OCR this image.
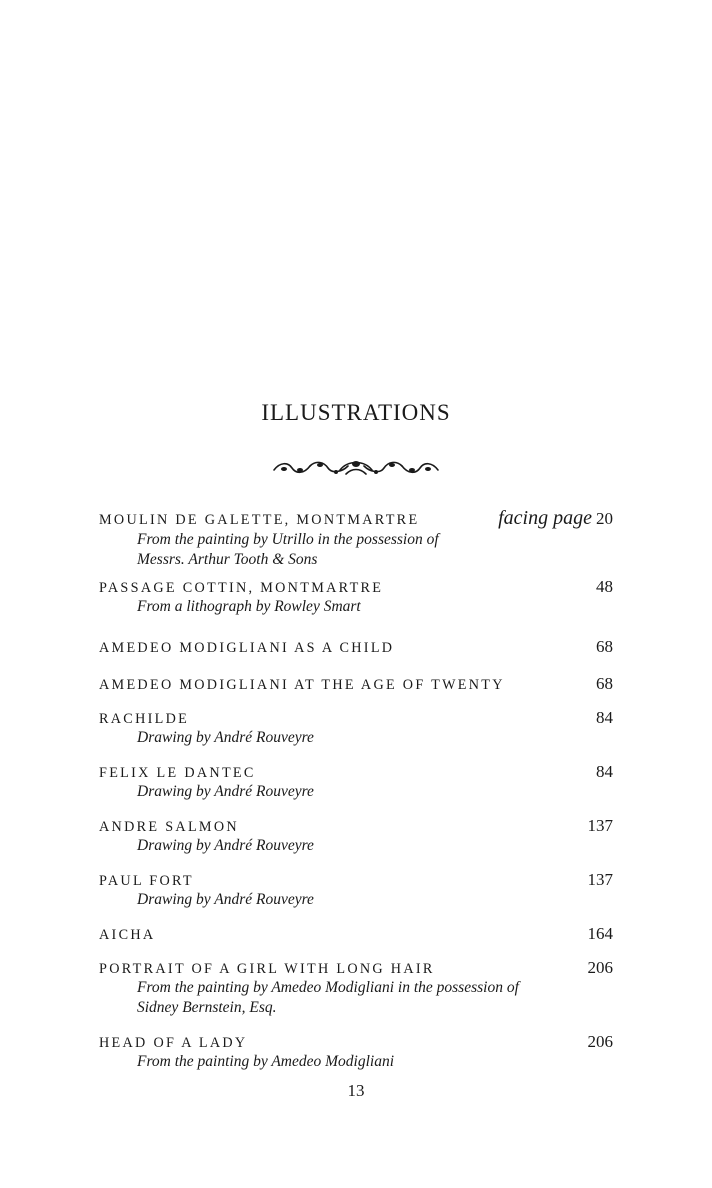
ILLUSTRATIONS
MOULIN DE GALETTE, MONTMARTRE	facing page 20
From the painting by Utrillo in the possession of Messrs. Arthur Tooth & Sons
PASSAGE COTTIN, MONTMARTRE	48
From a lithograph by Rowley Smart
AMEDEO MODIGLIANI AS A CHILD	68
AMEDEO MODIGLIANI AT THE AGE OF TWENTY	68
RACHILDE	84
Drawing by André Rouveyre
FELIX LE DANTEC	84
Drawing by André Rouveyre
ANDRE SALMON	137
Drawing by André Rouveyre
PAUL FORT	137
Drawing by André Rouveyre
AICHA	164
PORTRAIT OF A GIRL WITH LONG HAIR	206
From the painting by Amedeo Modigliani in the possession of Sidney Bernstein, Esq.
HEAD OF A LADY	206
From the painting by Amedeo Modigliani
13
